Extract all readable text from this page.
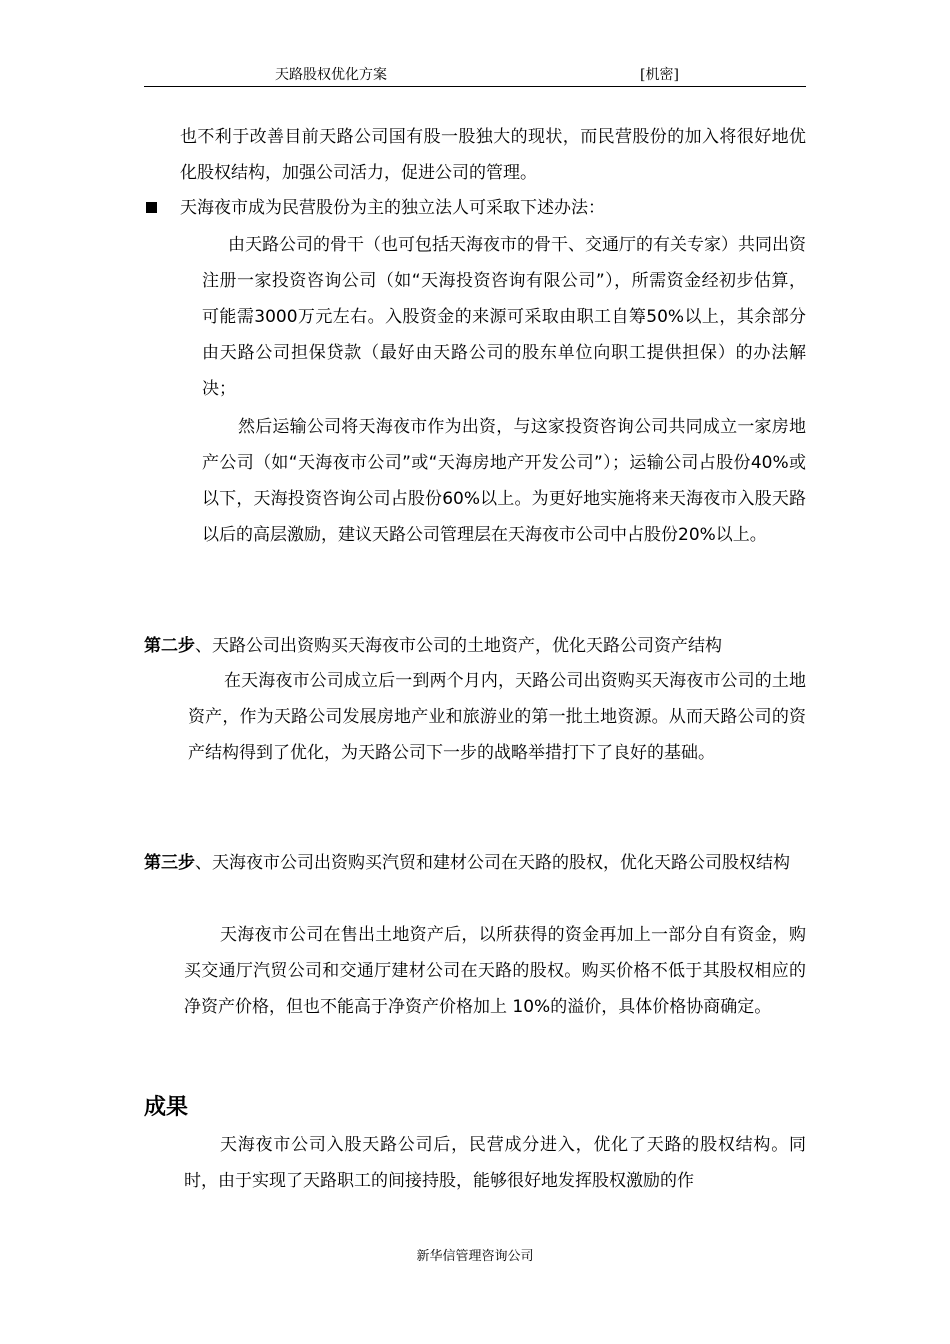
天路股权优化方案	[机密]

也不利于改善目前天路公司国有股一股独大的现状，而民营股份的加入将很好地优化股权结构，加强公司活力，促进公司的管理。

天海夜市成为民营股份为主的独立法人可采取下述办法：

由天路公司的骨干（也可包括天海夜市的骨干、交通厅的有关专家）共同出资注册一家投资咨询公司（如“天海投资咨询有限公司”），所需资金经初步估算，可能需3000万元左右。入股资金的来源可采取由职工自筹50%以上，其余部分由天路公司担保贷款（最好由天路公司的股东单位向职工提供担保）的办法解决；

然后运输公司将天海夜市作为出资，与这家投资咨询公司共同成立一家房地产公司（如“天海夜市公司”或“天海房地产开发公司”）；运输公司占股份40%或以下，天海投资咨询公司占股份60%以上。为更好地实施将来天海夜市入股天路以后的高层激励，建议天路公司管理层在天海夜市公司中占股份20%以上。

第二步、天路公司出资购买天海夜市公司的土地资产，优化天路公司资产结构

在天海夜市公司成立后一到两个月内，天路公司出资购买天海夜市公司的土地资产，作为天路公司发展房地产业和旅游业的第一批土地资源。从而天路公司的资产结构得到了优化，为天路公司下一步的战略举措打下了良好的基础。

第三步、天海夜市公司出资购买汽贸和建材公司在天路的股权，优化天路公司股权结构

天海夜市公司在售出土地资产后，以所获得的资金再加上一部分自有资金，购买交通厅汽贸公司和交通厅建材公司在天路的股权。购买价格不低于其股权相应的净资产价格，但也不能高于净资产价格加上 10%的溢价，具体价格协商确定。

成果

天海夜市公司入股天路公司后，民营成分进入，优化了天路的股权结构。同时，由于实现了天路职工的间接持股，能够很好地发挥股权激励的作

新华信管理咨询公司
